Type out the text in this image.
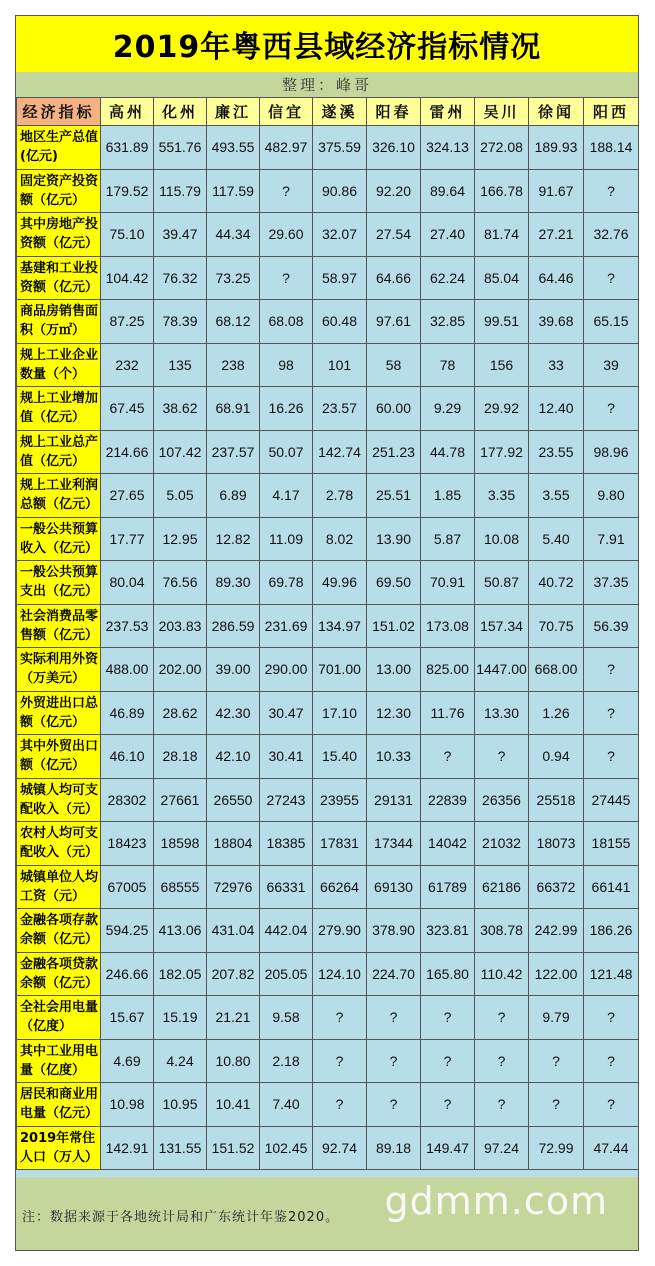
2019年粤西县域经济指标情况
整理：峰哥
经济指标	高州	化州	廉江	信宜	遂溪	阳春	雷州	吴川	徐闻	阳西
地区生产总值(亿元)	631.89	551.76	493.55	482.97	375.59	326.10	324.13	272.08	189.93	188.14
固定资产投资额（亿元）	179.52	115.79	117.59	?	90.86	92.20	89.64	166.78	91.67	?
其中房地产投资额（亿元）	75.10	39.47	44.34	29.60	32.07	27.54	27.40	81.74	27.21	32.76
基建和工业投资额（亿元）	104.42	76.32	73.25	?	58.97	64.66	62.24	85.04	64.46	?
商品房销售面积（万㎡）	87.25	78.39	68.12	68.08	60.48	97.61	32.85	99.51	39.68	65.15
规上工业企业数量（个）	232	135	238	98	101	58	78	156	33	39
规上工业增加值（亿元）	67.45	38.62	68.91	16.26	23.57	60.00	9.29	29.92	12.40	?
规上工业总产值（亿元）	214.66	107.42	237.57	50.07	142.74	251.23	44.78	177.92	23.55	98.96
规上工业利润总额（亿元）	27.65	5.05	6.89	4.17	2.78	25.51	1.85	3.35	3.55	9.80
一般公共预算收入（亿元）	17.77	12.95	12.82	11.09	8.02	13.90	5.87	10.08	5.40	7.91
一般公共预算支出（亿元）	80.04	76.56	89.30	69.78	49.96	69.50	70.91	50.87	40.72	37.35
社会消费品零售额（亿元）	237.53	203.83	286.59	231.69	134.97	151.02	173.08	157.34	70.75	56.39
实际利用外资（万美元）	488.00	202.00	39.00	290.00	701.00	13.00	825.00	1447.00	668.00	?
外贸进出口总额（亿元）	46.89	28.62	42.30	30.47	17.10	12.30	11.76	13.30	1.26	?
其中外贸出口额（亿元）	46.10	28.18	42.10	30.41	15.40	10.33	?	?	0.94	?
城镇人均可支配收入（元）	28302	27661	26550	27243	23955	29131	22839	26356	25518	27445
农村人均可支配收入（元）	18423	18598	18804	18385	17831	17344	14042	21032	18073	18155
城镇单位人均工资（元）	67005	68555	72976	66331	66264	69130	61789	62186	66372	66141
金融各项存款余额（亿元）	594.25	413.06	431.04	442.04	279.90	378.90	323.81	308.78	242.99	186.26
金融各项贷款余额（亿元）	246.66	182.05	207.82	205.05	124.10	224.70	165.80	110.42	122.00	121.48
全社会用电量（亿度）	15.67	15.19	21.21	9.58	?	?	?	?	9.79	?
其中工业用电量（亿度）	4.69	4.24	10.80	2.18	?	?	?	?	?	?
居民和商业用电量（亿元）	10.98	10.95	10.41	7.40	?	?	?	?	?	?
2019年常住人口（万人）	142.91	131.55	151.52	102.45	92.74	89.18	149.47	97.24	72.99	47.44
gdmm.com
注：数据来源于各地统计局和广东统计年鉴2020。
